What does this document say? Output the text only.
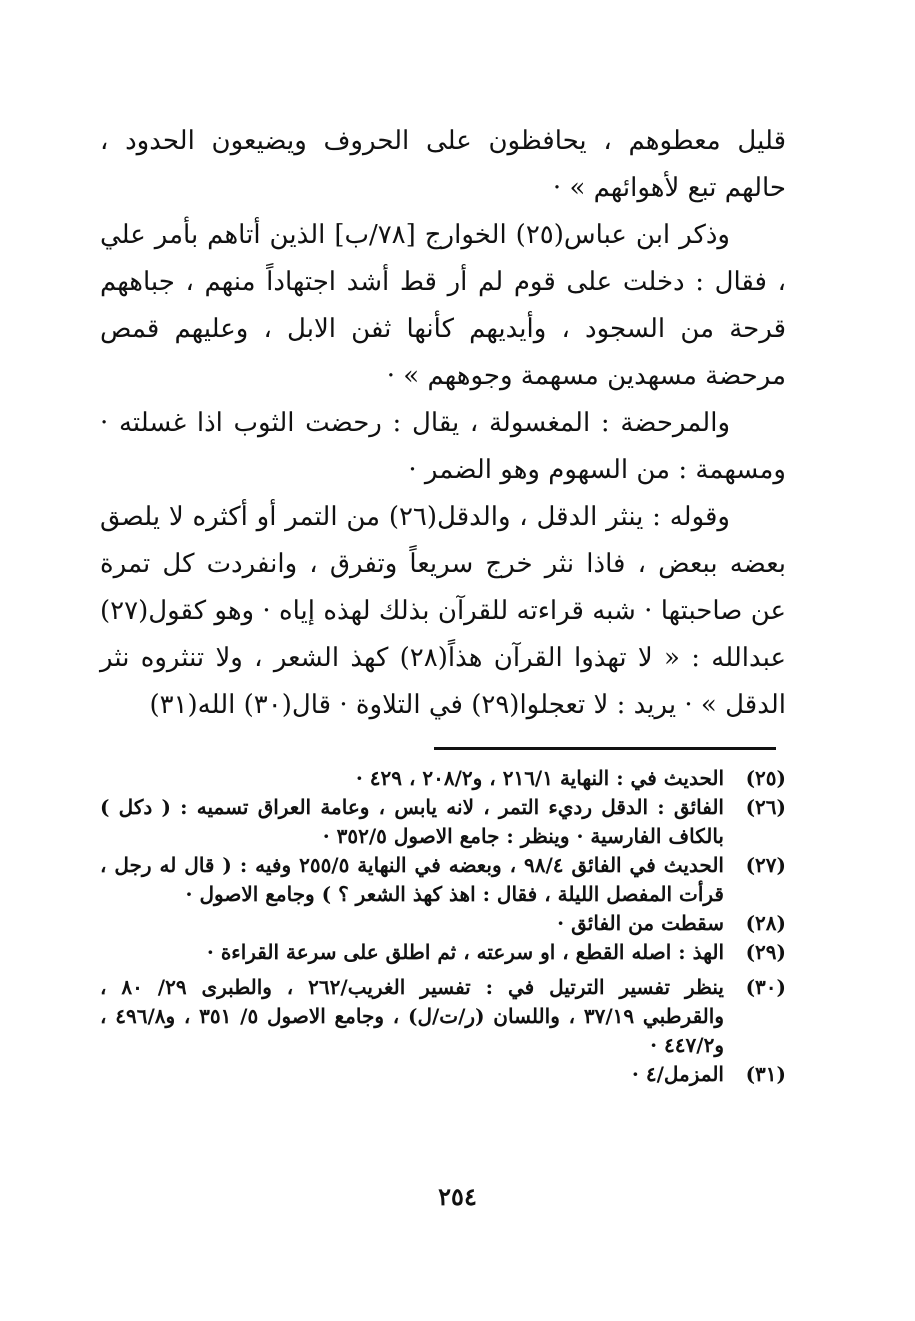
قليل معطوهم ، يحافظون على الحروف ويضيعون الحدود ، حالهم تبع لأهوائهم » ·

وذكر ابن عباس(٢٥) الخوارج [٧٨/ب] الذين أتاهم بأمر علي ، فقال : دخلت على قوم لم أر قط أشد اجتهاداً منهم ، جباههم قرحة من السجود ، وأيديهم كأنها ثفن الابل ، وعليهم قمص مرحضة مسهدين مسهمة وجوههم » ·

والمرحضة : المغسولة ، يقال : رحضت الثوب اذا غسلته · ومسهمة : من السهوم وهو الضمر ·

وقوله : ينثر الدقل ، والدقل(٢٦) من التمر أو أكثره لا يلصق بعضه ببعض ، فاذا نثر خرج سريعاً وتفرق ، وانفردت كل تمرة عن صاحبتها · شبه قراءته للقرآن بذلك لهذه إياه · وهو كقول(٢٧) عبدالله : « لا تهذوا القرآن هذاً(٢٨) كهذ الشعر ، ولا تنثروه نثر الدقل » · يريد : لا تعجلوا(٢٩) في التلاوة · قال(٣٠) الله(٣١)

(٢٥)
الحديث في : النهاية ٢١٦/١ ، و٢٠٨/٢ ، ٤٢٩ ·
(٢٦)
الفائق : الدقل رديء التمر ، لانه يابس ، وعامة العراق تسميه : ( دكل ) بالكاف الفارسية · وينظر : جامع الاصول ٣٥٢/٥ ·
(٢٧)
الحديث في الفائق ٩٨/٤ ، وبعضه في النهاية ٢٥٥/٥ وفيه : ( قال له رجل ، قرأت المفصل الليلة ، فقال : اهذ كهذ الشعر ؟ ) وجامع الاصول ·
(٢٨)
سقطت من الفائق ·
(٢٩)
الهذ : اصله القطع ، او سرعته ، ثم اطلق على سرعة القراءة ·
(٣٠)
ينظر تفسير الترتيل في : تفسير الغريب/٢٦٢ ، والطبرى ٢٩/ ٨٠ ، والقرطبي ٣٧/١٩ ، واللسان (ر/ت/ل) ، وجامع الاصول ٥/ ٣٥١ ، و٤٩٦/٨ ، و٤٤٧/٢ ·
(٣١)
المزمل/٤ ·
٢٥٤
